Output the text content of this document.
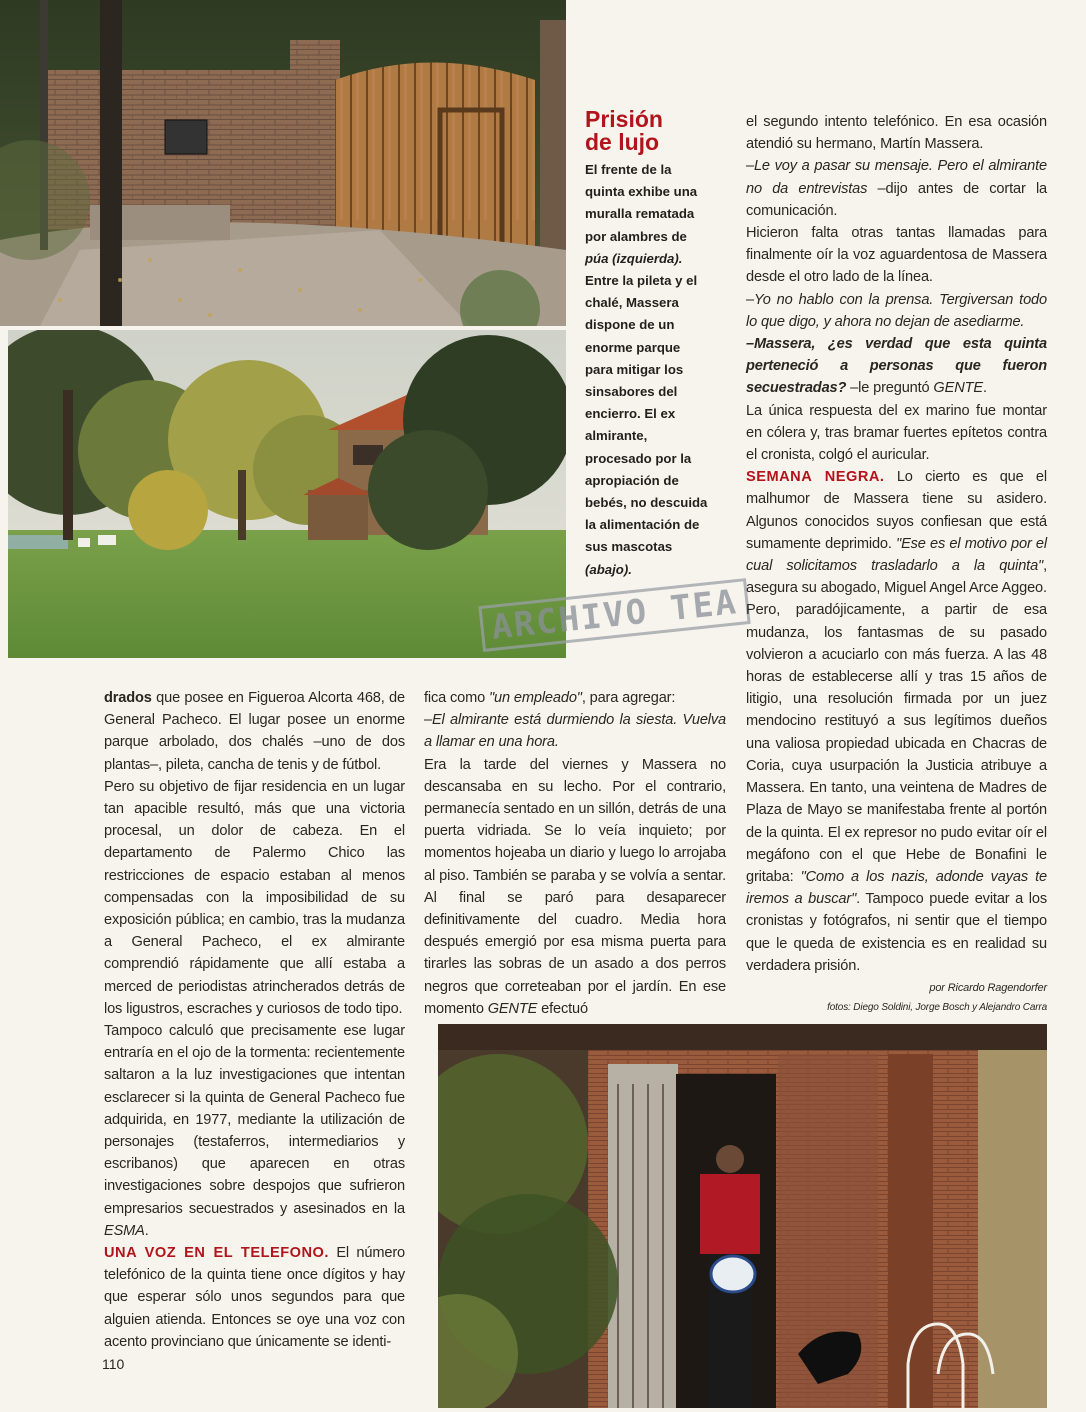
Prisión
de lujo
El frente de la
quinta exhibe una
muralla rematada
por alambres de
púa (izquierda).
Entre la pileta y el
chalé, Massera
dispone de un
enorme parque
para mitigar los
sinsabores del
encierro. El ex
almirante,
procesado por la
apropiación de
bebés, no descuida
la alimentación de
sus mascotas
(abajo).
ARCHIVO TEA

el segundo intento telefónico. En esa ocasión atendió su hermano, Martín Massera.

–Le voy a pasar su mensaje. Pero el almirante no da entrevistas –dijo antes de cortar la comunicación.

Hicieron falta otras tantas llamadas para finalmente oír la voz aguardentosa de Massera desde el otro lado de la línea.

–Yo no hablo con la prensa. Tergiversan todo lo que digo, y ahora no dejan de asediarme.

–Massera, ¿es verdad que esta quinta perteneció a personas que fueron secuestradas? –le preguntó GENTE.

La única respuesta del ex marino fue montar en cólera y, tras bramar fuertes epítetos contra el cronista, colgó el auricular.

SEMANA NEGRA. Lo cierto es que el malhumor de Massera tiene su asidero. Algunos conocidos suyos confiesan que está sumamente deprimido. "Ese es el motivo por el cual solicitamos trasladarlo a la quinta", asegura su abogado, Miguel Angel Arce Aggeo.

Pero, paradójicamente, a partir de esa mudanza, los fantasmas de su pasado volvieron a acuciarlo con más fuerza. A las 48 horas de establecerse allí y tras 15 años de litigio, una resolución firmada por un juez mendocino restituyó a sus legítimos dueños una valiosa propiedad ubicada en Chacras de Coria, cuya usurpación la Justicia atribuye a Massera. En tanto, una veintena de Madres de Plaza de Mayo se manifestaba frente al portón de la quinta. El ex represor no pudo evitar oír el megáfono con el que Hebe de Bonafini le gritaba: "Como a los nazis, adonde vayas te iremos a buscar". Tampoco puede evitar a los cronistas y fotógrafos, ni sentir que el tiempo que le queda de existencia es en realidad su verdadera prisión.

por Ricardo Ragendorfer

fotos: Diego Soldini, Jorge Bosch y Alejandro Carra

drados que posee en Figueroa Alcorta 468, de General Pacheco. El lugar posee un enorme parque arbolado, dos chalés –uno de dos plantas–, pileta, cancha de tenis y de fútbol.

Pero su objetivo de fijar residencia en un lugar tan apacible resultó, más que una victoria procesal, un dolor de cabeza. En el departamento de Palermo Chico las restricciones de espacio estaban al menos compensadas con la imposibilidad de su exposición pública; en cambio, tras la mudanza a General Pacheco, el ex almirante comprendió rápidamente que allí estaba a merced de periodistas atrincherados detrás de los ligustros, escraches y curiosos de todo tipo.

Tampoco calculó que precisamente ese lugar entraría en el ojo de la tormenta: recientemente saltaron a la luz investigaciones que intentan esclarecer si la quinta de General Pacheco fue adquirida, en 1977, mediante la utilización de personajes (testaferros, intermediarios y escribanos) que aparecen en otras investigaciones sobre despojos que sufrieron empresarios secuestrados y asesinados en la ESMA.

UNA VOZ EN EL TELEFONO. El número telefónico de la quinta tiene once dígitos y hay que esperar sólo unos segundos para que alguien atienda. Entonces se oye una voz con acento provinciano que únicamente se identi-

fica como "un empleado", para agregar:

–El almirante está durmiendo la siesta. Vuelva a llamar en una hora.

Era la tarde del viernes y Massera no descansaba en su lecho. Por el contrario, permanecía sentado en un sillón, detrás de una puerta vidriada. Se lo veía inquieto; por momentos hojeaba un diario y luego lo arrojaba al piso. También se paraba y se volvía a sentar. Al final se paró para desaparecer definitivamente del cuadro. Media hora después emergió por esa misma puerta para tirarles las sobras de un asado a dos perros negros que correteaban por el jardín. En ese momento GENTE efectuó

110
